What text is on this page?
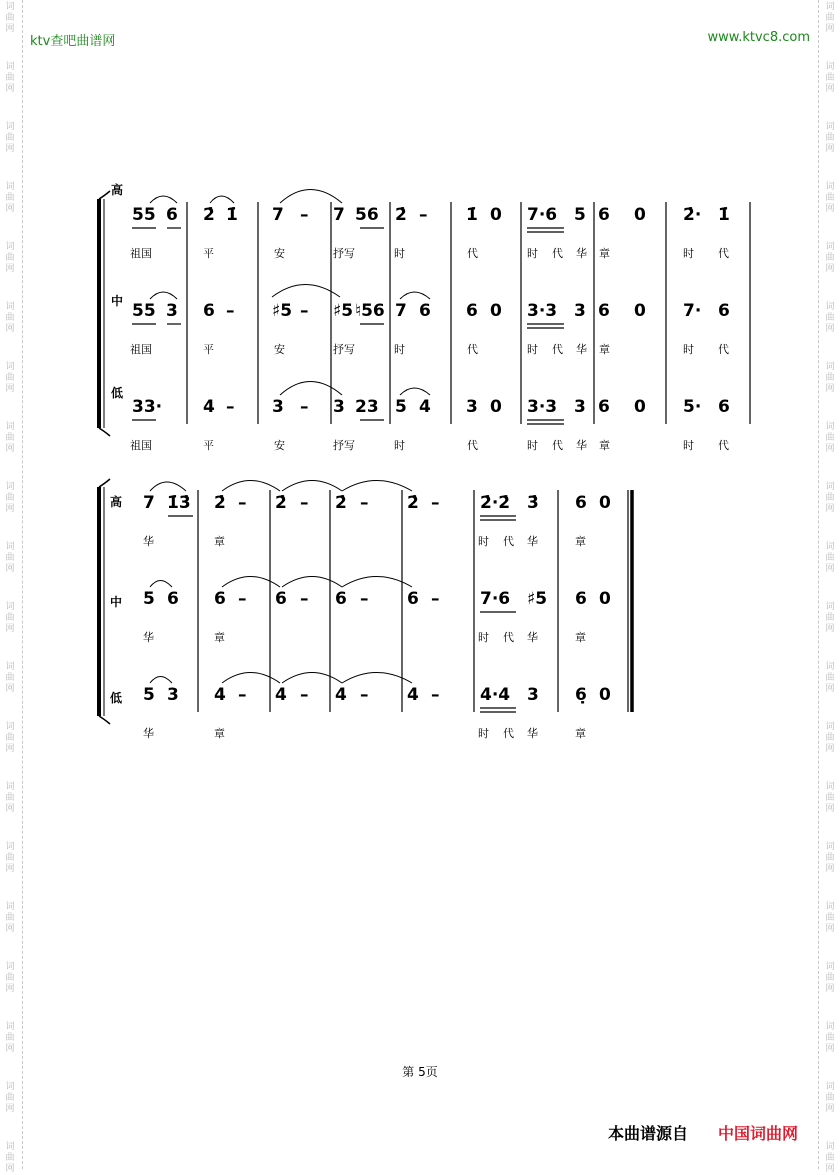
词
曲
网
词
曲
网
词
曲
网
词
曲
网
词
曲
网
词
曲
网
词
曲
网
词
曲
网
词
曲
网
词
曲
网
词
曲
网
词
曲
网
词
曲
网
词
曲
网
词
曲
网
词
曲
网
词
曲
网
词
曲
网
词
曲
网
词
曲
网
词
曲
网
词
曲
网
词
曲
网
词
曲
网
词
曲
网
词
曲
网
词
曲
网
词
曲
网
词
曲
网
词
曲
网
词
曲
网
词
曲
网
词
曲
网
词
曲
网
词
曲
网
词
曲
网
词
曲
网
词
曲
网
词
曲
网
词
曲
网
ktv查吧曲谱网	www.ktvc8.com
高
55 6
祖国
2̇ 1̇
平
7 –
安
7 56
抒写
2̇ –
时
1̇ 0
代
7·6 5
时 代 华
6 0
章
2̇· 1̇
时 代
中 55 3
祖国
6 –
平
♯5 –
安
♯5 ♮56
抒写
7 6
时
6 0
代
3·3 3
时 代 华
6 0
章
7· 6
时 代
低
33·
祖国
4 –
平
3 –
安
3 23
抒写
5 4
时
3 0
代
3·3 3
时 代 华
6 0
章
5· 6
时 代
高 7 1̇3̇
华
2̇ –
章
2̇ – 2̇ – 2̇ – 2̇·2̇ 3̇
时 代 华
6 0
章
中 5 6
华
6 –
章
6 – 6 – 6 – 7·6 ♯5
时 代 华
6 0
章
低 5 3
华
4 –
章
4 – 4 – 4 – 4·4 3
时 代 华
6̣ 0
章
第 5页
本曲谱源自 中国词曲网
